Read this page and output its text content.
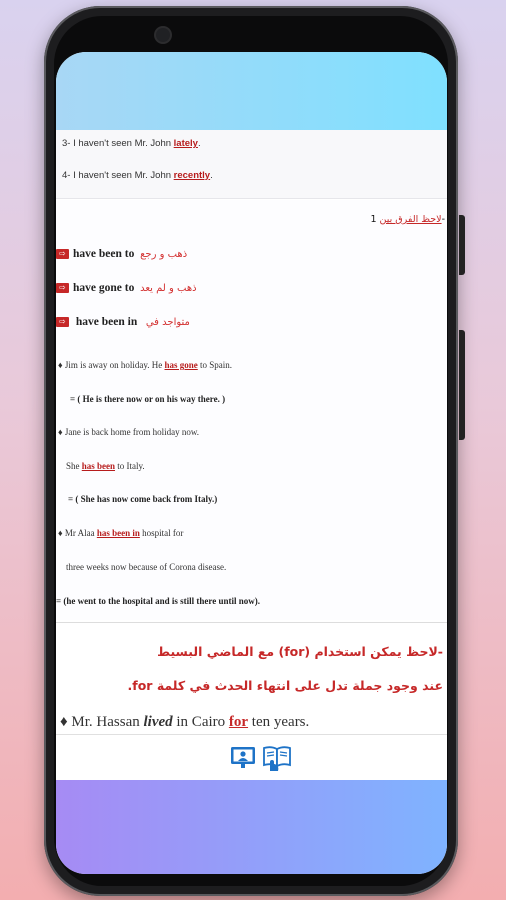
3- I haven't seen Mr. John lately.
4- I haven't seen Mr. John recently.
لاحظ الفرق بين 1-
⇨ have been to ذهب و رجع
⇨ have gone to ذهب و لم يعد
⇨ have been in متواجد في
♦ Jim is away on holiday. He has gone to Spain.
= ( He is there now or on his way there. )
♦ Jane is back home from holiday now.
She has been to Italy.
= ( She has now come back from Italy.)
♦ Mr Alaa has been in hospital for
three weeks now because of Corona disease.
= (he went to the hospital and is still there until now).
-لاحظ يمكن استخدام (for) مع الماضي البسيط
عند وجود جملة تدل على انتهاء الحدث في كلمة for.
♦ Mr. Hassan lived in Cairo for ten years.
